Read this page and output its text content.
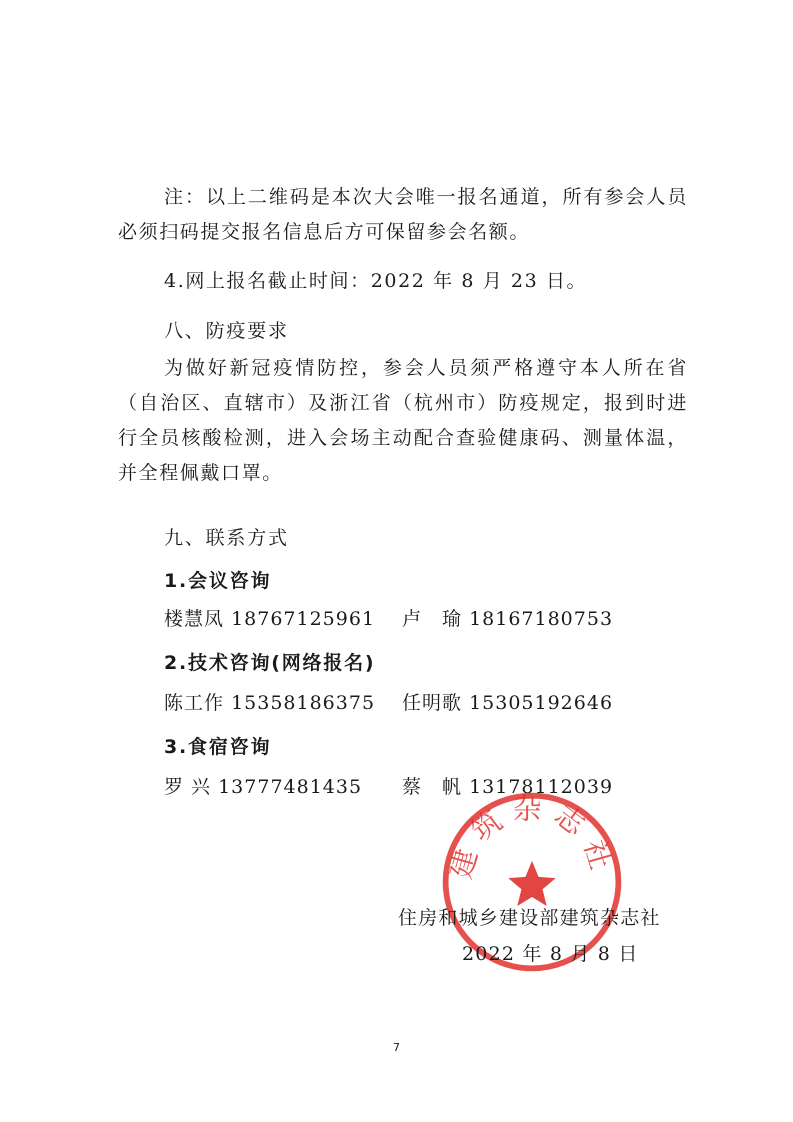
注：以上二维码是本次大会唯一报名通道，所有参会人员必须扫码提交报名信息后方可保留参会名额。

4.网上报名截止时间：2022 年 8 月 23 日。

八、防疫要求

为做好新冠疫情防控，参会人员须严格遵守本人所在省（自治区、直辖市）及浙江省（杭州市）防疫规定，报到时进行全员核酸检测，进入会场主动配合查验健康码、测量体温，并全程佩戴口罩。

九、联系方式

1.会议咨询

楼慧凤 18767125961 卢　瑜 18167180753

2.技术咨询(网络报名)

陈工作 15358186375 任明歌 15305192646

3.食宿咨询

罗 兴 13777481435 蔡　帆 13178112039
建筑杂志社
住房和城乡建设部建筑杂志社
2022 年 8 月 8 日
7
